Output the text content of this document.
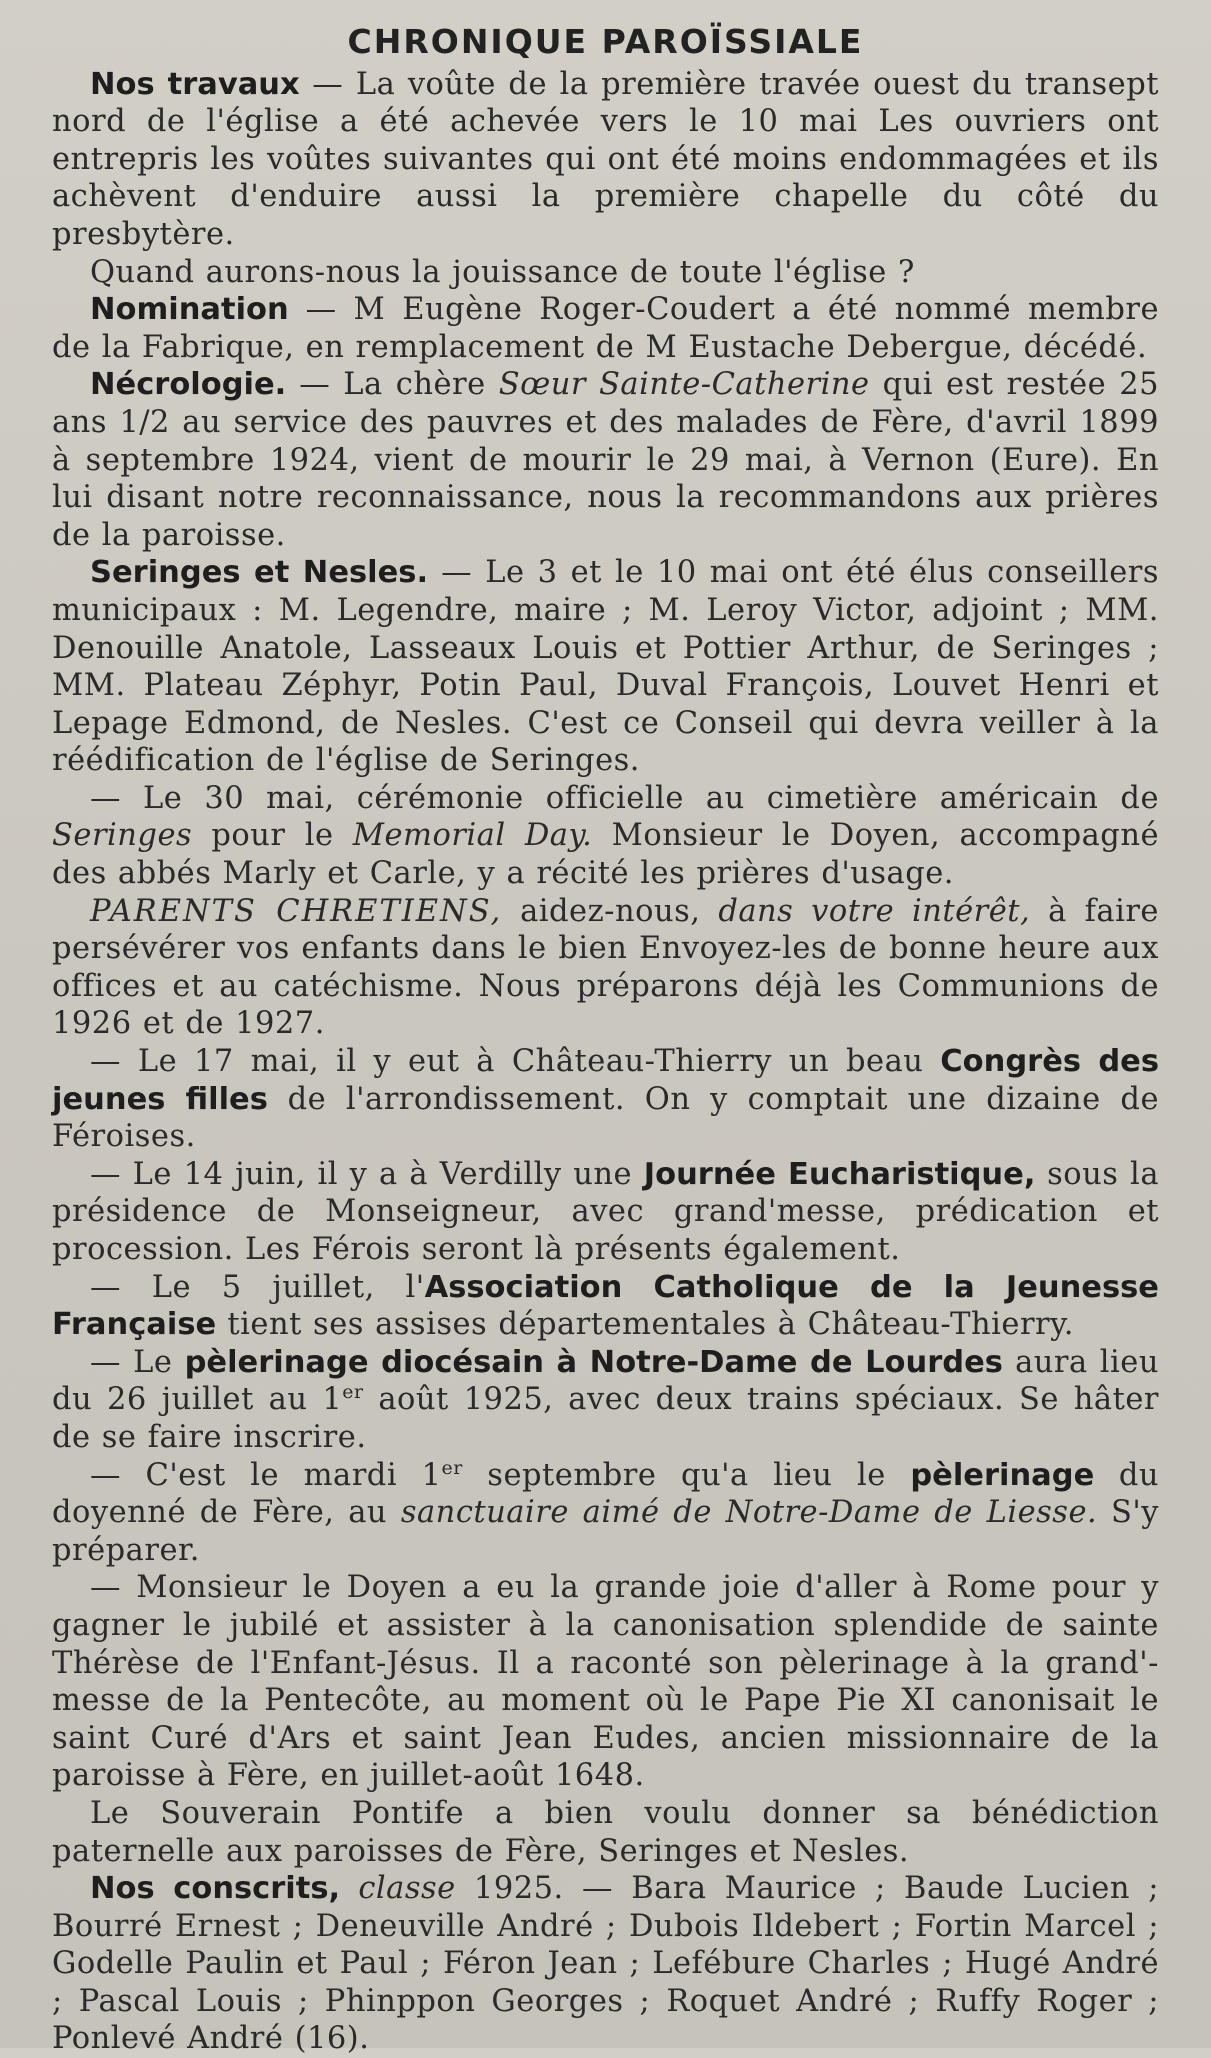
CHRONIQUE PAROÏSSIALE

Nos travaux — La voûte de la première travée ouest du transept nord de l'église a été achevée vers le 10 mai Les ouvriers ont entrepris les voûtes suivantes qui ont été moins endommagées et ils achèvent d'enduire aussi la première chapelle du côté du presbytère.

Quand aurons-nous la jouissance de toute l'église ?

Nomination — M Eugène Roger-Coudert a été nommé membre de la Fabrique, en remplacement de M Eustache Debergue, décédé.

Nécrologie. — La chère Sœur Sainte-Catherine qui est restée 25 ans 1/2 au service des pauvres et des malades de Fère, d'avril 1899 à septembre 1924, vient de mourir le 29 mai, à Vernon (Eure). En lui disant notre reconnaissance, nous la recommandons aux prières de la paroisse.

Seringes et Nesles. — Le 3 et le 10 mai ont été élus conseillers municipaux : M. Legendre, maire ; M. Leroy Victor, adjoint ; MM. Denouille Anatole, Lasseaux Louis et Pottier Arthur, de Seringes ; MM. Plateau Zéphyr, Potin Paul, Duval François, Louvet Henri et Lepage Edmond, de Nesles. C'est ce Conseil qui devra veiller à la réédification de l'église de Seringes.

— Le 30 mai, cérémonie officielle au cimetière américain de Seringes pour le Memorial Day. Monsieur le Doyen, accompagné des abbés Marly et Carle, y a récité les prières d'usage.

PARENTS CHRETIENS, aidez-nous, dans votre intérêt, à faire persévérer vos enfants dans le bien Envoyez-les de bonne heure aux offices et au catéchisme. Nous préparons déjà les Communions de 1926 et de 1927.

— Le 17 mai, il y eut à Château-Thierry un beau Congrès des jeunes filles de l'arrondissement. On y comptait une dizaine de Féroises.

— Le 14 juin, il y a à Verdilly une Journée Eucharistique, sous la présidence de Monseigneur, avec grand'messe, prédication et procession. Les Férois seront là présents également.

— Le 5 juillet, l'Association Catholique de la Jeunesse Française tient ses assises départementales à Château-Thierry.

— Le pèlerinage diocésain à Notre-Dame de Lourdes aura lieu du 26 juillet au 1er août 1925, avec deux trains spéciaux. Se hâter de se faire inscrire.

— C'est le mardi 1er septembre qu'a lieu le pèlerinage du doyenné de Fère, au sanctuaire aimé de Notre-Dame de Liesse. S'y préparer.

— Monsieur le Doyen a eu la grande joie d'aller à Rome pour y gagner le jubilé et assister à la canonisation splendide de sainte Thérèse de l'Enfant-Jésus. Il a raconté son pèlerinage à la grand'-messe de la Pentecôte, au moment où le Pape Pie XI canonisait le saint Curé d'Ars et saint Jean Eudes, ancien missionnaire de la paroisse à Fère, en juillet-août 1648.

Le Souverain Pontife a bien voulu donner sa bénédiction paternelle aux paroisses de Fère, Seringes et Nesles.

Nos conscrits, classe 1925. — Bara Maurice ; Baude Lucien ; Bourré Ernest ; Deneuville André ; Dubois Ildebert ; Fortin Marcel ; Godelle Paulin et Paul ; Féron Jean ; Lefébure Charles ; Hugé André ; Pascal Louis ; Phinppon Georges ; Roquet André ; Ruffy Roger ; Ponlevé André (16).
